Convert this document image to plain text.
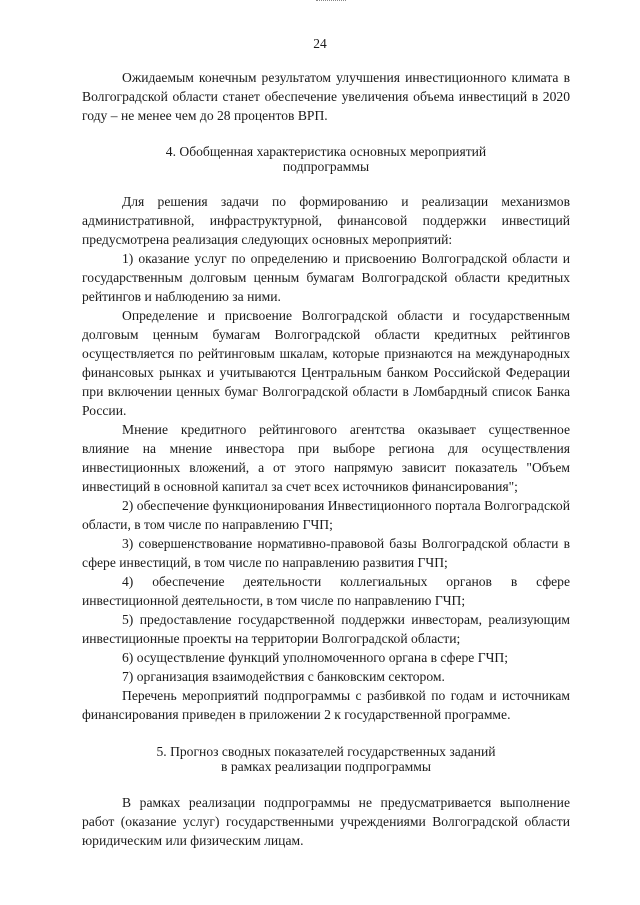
24

Ожидаемым конечным результатом улучшения инвестиционного климата в Волгоградской области станет обеспечение увеличения объема инвестиций в 2020 году – не менее чем до 28 процентов ВРП.

4. Обобщенная характеристика основных мероприятий

подпрограммы

Для решения задачи по формированию и реализации механизмов административной, инфраструктурной, финансовой поддержки инвестиций предусмотрена реализация следующих основных мероприятий:

1) оказание услуг по определению и присвоению Волгоградской области и государственным долговым ценным бумагам Волгоградской области кредитных рейтингов и наблюдению за ними.

Определение и присвоение Волгоградской области и государственным долговым ценным бумагам Волгоградской области кредитных рейтингов осуществляется по рейтинговым шкалам, которые признаются на международных финансовых рынках и учитываются Центральным банком Российской Федерации при включении ценных бумаг Волгоградской области в Ломбардный список Банка России.

Мнение кредитного рейтингового агентства оказывает существенное влияние на мнение инвестора при выборе региона для осуществления инвестиционных вложений, а от этого напрямую зависит показатель "Объем инвестиций в основной капитал за счет всех источников финансирования";

2) обеспечение функционирования Инвестиционного портала Волгоградской области, в том числе по направлению ГЧП;

3) совершенствование нормативно-правовой базы Волгоградской области в сфере инвестиций, в том числе по направлению развития ГЧП;

4) обеспечение деятельности коллегиальных органов в сфере инвестиционной деятельности, в том числе по направлению ГЧП;

5) предоставление государственной поддержки инвесторам, реализующим инвестиционные проекты на территории Волгоградской области;

6) осуществление функций уполномоченного органа в сфере ГЧП;

7) организация взаимодействия с банковским сектором.

Перечень мероприятий подпрограммы с разбивкой по годам и источникам финансирования приведен в приложении 2 к государственной программе.

5. Прогноз сводных показателей государственных заданий

в рамках реализации подпрограммы

В рамках реализации подпрограммы не предусматривается выполнение работ (оказание услуг) государственными учреждениями Волгоградской области юридическим или физическим лицам.
